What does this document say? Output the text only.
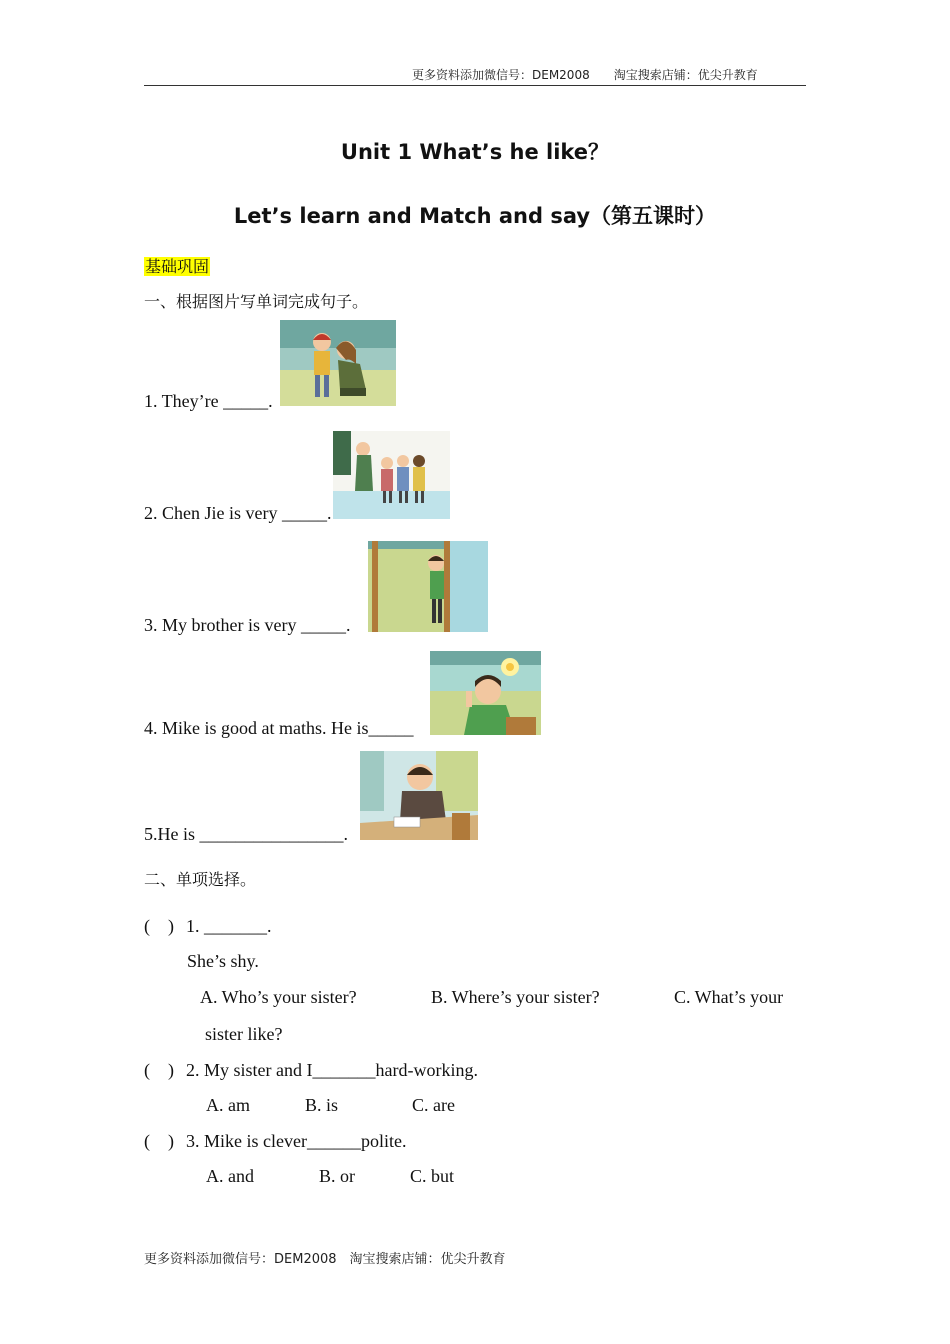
更多资料添加微信号：DEM2008　　淘宝搜索店铺：优尖升教育
Unit 1 What’s he like？
Let’s learn and Match and say（第五课时）
基础巩固
一、根据图片写单词完成句子。
1. They’re _____.
2. Chen Jie is very _____.
3. My brother is very _____.
4. Mike is good at maths. He is_____
5.He is ________________.
二、单项选择。
(    ) 1. _______.
She’s shy.
A. Who’s your sister?	B. Where’s your sister?	C. What’s your
sister like?
(    ) 2. My sister and I_______hard-working.
A. am	B. is	C. are
(    ) 3. Mike is clever______polite.
A. and	B. or	C. but
更多资料添加微信号：DEM2008　淘宝搜索店铺：优尖升教育
